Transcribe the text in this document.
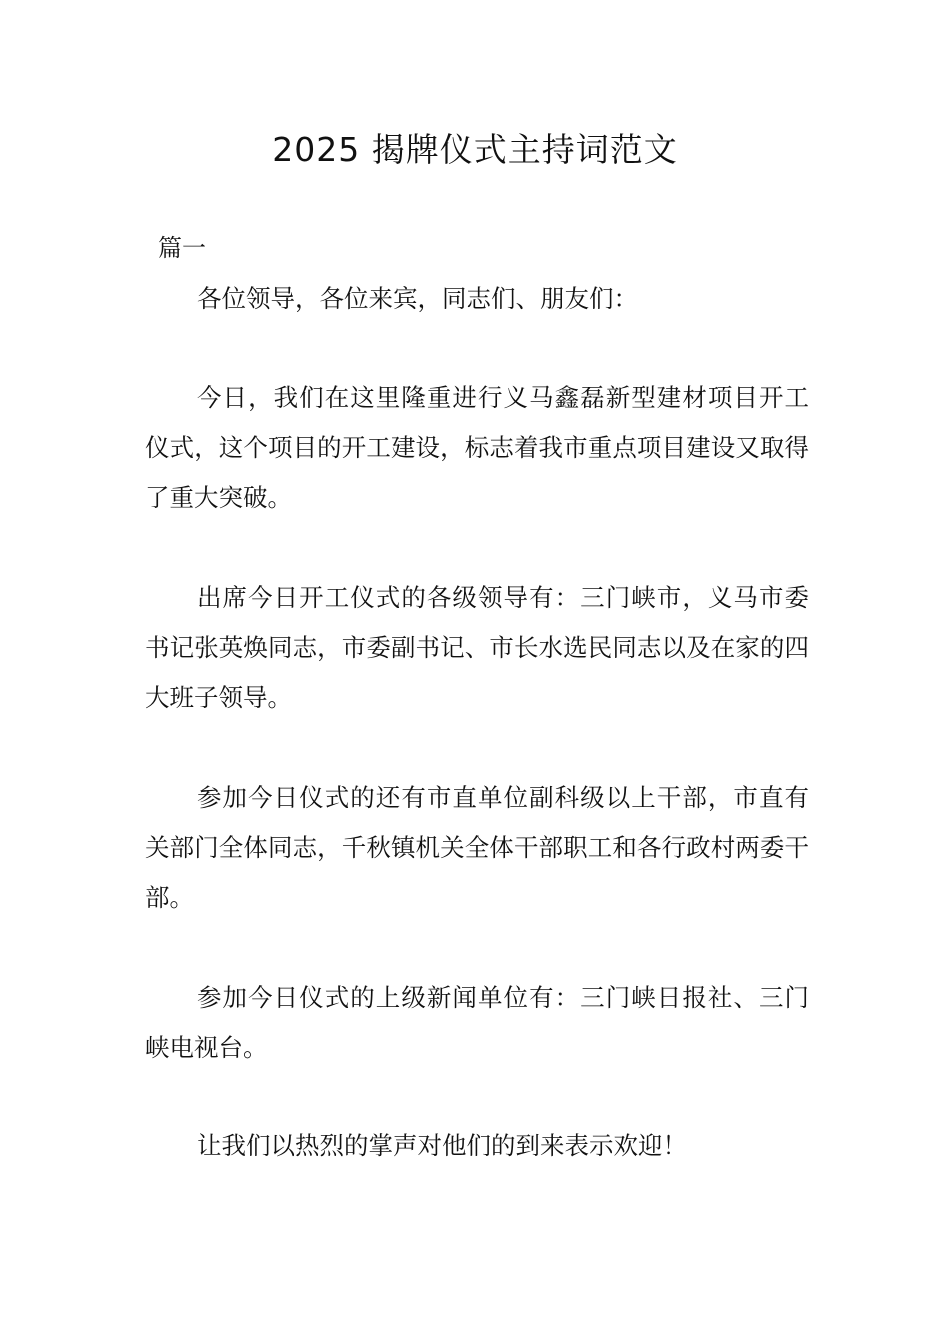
2025 揭牌仪式主持词范文
篇一

各位领导，各位来宾，同志们、朋友们：

今日，我们在这里隆重进行义马鑫磊新型建材项目开工仪式，这个项目的开工建设，标志着我市重点项目建设又取得了重大突破。

出席今日开工仪式的各级领导有：三门峡市，义马市委书记张英焕同志，市委副书记、市长水选民同志以及在家的四大班子领导。

参加今日仪式的还有市直单位副科级以上干部，市直有关部门全体同志，千秋镇机关全体干部职工和各行政村两委干部。

参加今日仪式的上级新闻单位有：三门峡日报社、三门峡电视台。

让我们以热烈的掌声对他们的到来表示欢迎！
